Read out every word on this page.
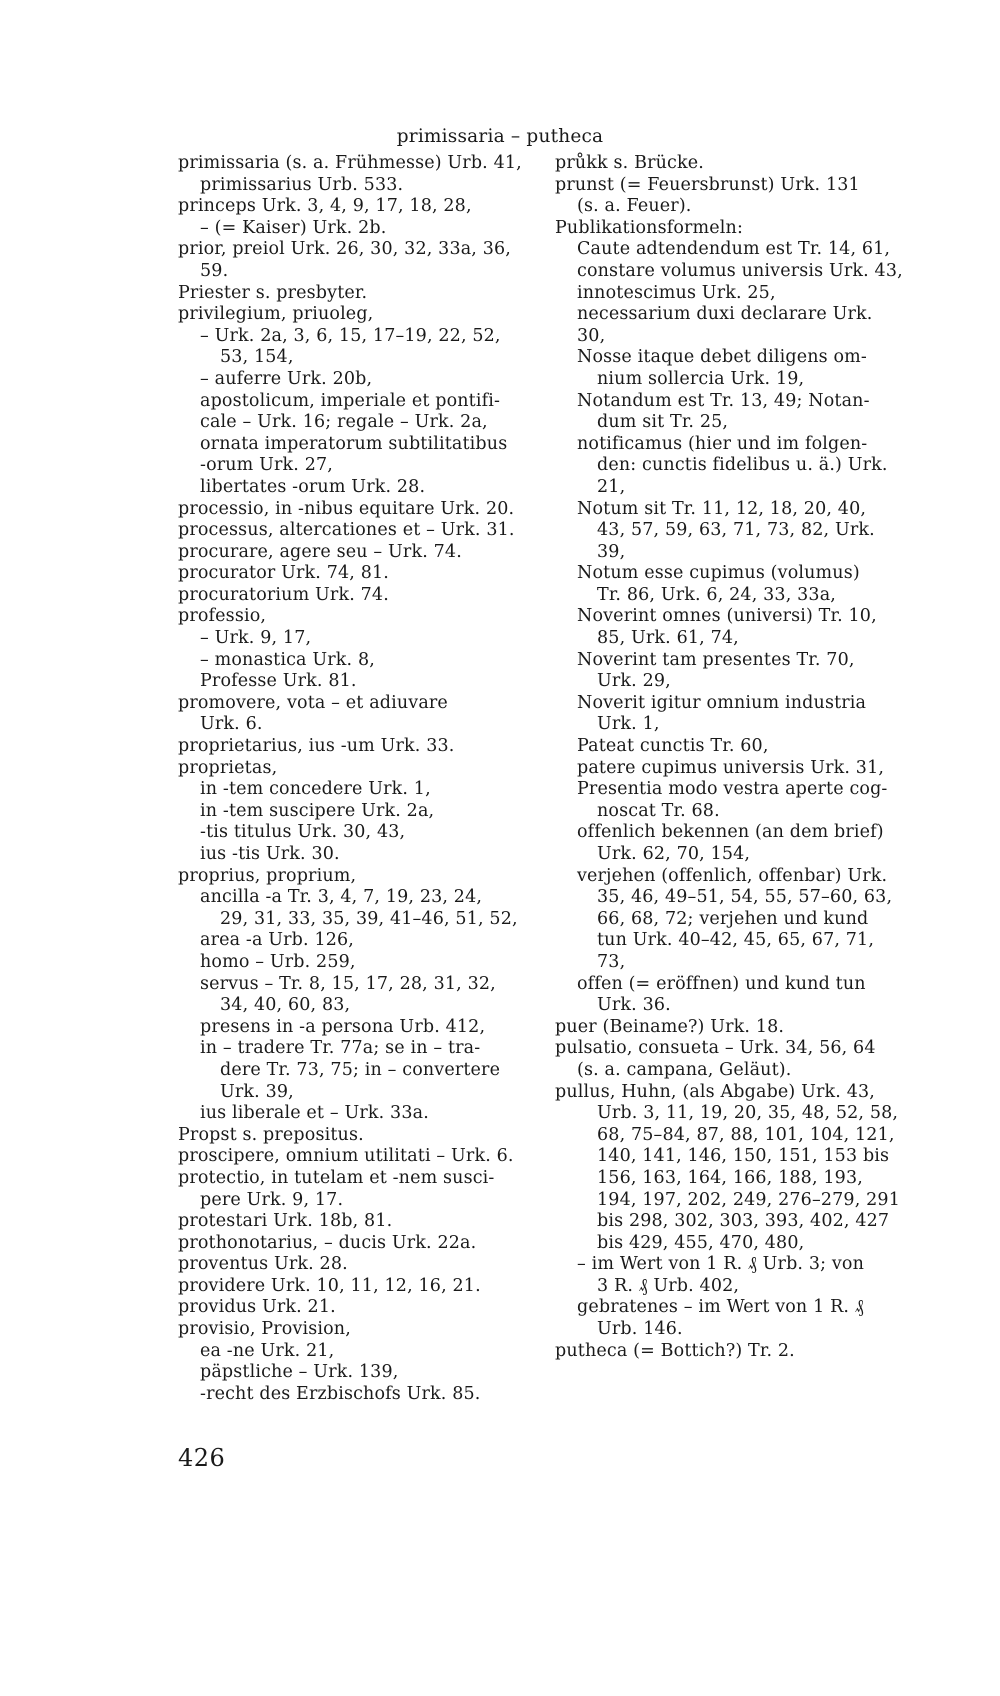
primissaria – putheca
primissaria (s. a. Frühmesse) Urb. 41,
primissarius Urb. 533.
princeps Urk. 3, 4, 9, 17, 18, 28,
– (= Kaiser) Urk. 2b.
prior, preiol Urk. 26, 30, 32, 33a, 36,
59.
Priester s. presbyter.
privilegium, priuoleg,
– Urk. 2a, 3, 6, 15, 17–19, 22, 52,
53, 154,
– auferre Urk. 20b,
apostolicum, imperiale et pontifi-
cale – Urk. 16; regale – Urk. 2a,
ornata imperatorum subtilitatibus
-orum Urk. 27,
libertates -orum Urk. 28.
processio, in -nibus equitare Urk. 20.
processus, altercationes et – Urk. 31.
procurare, agere seu – Urk. 74.
procurator Urk. 74, 81.
procuratorium Urk. 74.
professio,
– Urk. 9, 17,
– monastica Urk. 8,
Professe Urk. 81.
promovere, vota – et adiuvare
Urk. 6.
proprietarius, ius -um Urk. 33.
proprietas,
in -tem concedere Urk. 1,
in -tem suscipere Urk. 2a,
-tis titulus Urk. 30, 43,
ius -tis Urk. 30.
proprius, proprium,
ancilla -a Tr. 3, 4, 7, 19, 23, 24,
29, 31, 33, 35, 39, 41–46, 51, 52,
area -a Urb. 126,
homo – Urb. 259,
servus – Tr. 8, 15, 17, 28, 31, 32,
34, 40, 60, 83,
presens in -a persona Urb. 412,
in – tradere Tr. 77a; se in – tra-
dere Tr. 73, 75; in – convertere
Urk. 39,
ius liberale et – Urk. 33a.
Propst s. prepositus.
proscipere, omnium utilitati – Urk. 6.
protectio, in tutelam et -nem susci-
pere Urk. 9, 17.
protestari Urk. 18b, 81.
prothonotarius, – ducis Urk. 22a.
proventus Urk. 28.
providere Urk. 10, 11, 12, 16, 21.
providus Urk. 21.
provisio, Provision,
ea -ne Urk. 21,
päpstliche – Urk. 139,
-recht des Erzbischofs Urk. 85.
průkk s. Brücke.
prunst (= Feuersbrunst) Urk. 131
(s. a. Feuer).
Publikationsformeln:
Caute adtendendum est Tr. 14, 61,
constare volumus universis Urk. 43,
innotescimus Urk. 25,
necessarium duxi declarare Urk.
30,
Nosse itaque debet diligens om-
nium sollercia Urk. 19,
Notandum est Tr. 13, 49; Notan-
dum sit Tr. 25,
notificamus (hier und im folgen-
den: cunctis fidelibus u. ä.) Urk.
21,
Notum sit Tr. 11, 12, 18, 20, 40,
43, 57, 59, 63, 71, 73, 82, Urk.
39,
Notum esse cupimus (volumus)
Tr. 86, Urk. 6, 24, 33, 33a,
Noverint omnes (universi) Tr. 10,
85, Urk. 61, 74,
Noverint tam presentes Tr. 70,
Urk. 29,
Noverit igitur omnium industria
Urk. 1,
Pateat cunctis Tr. 60,
patere cupimus universis Urk. 31,
Presentia modo vestra aperte cog-
noscat Tr. 68.
offenlich bekennen (an dem brief)
Urk. 62, 70, 154,
verjehen (offenlich, offenbar) Urk.
35, 46, 49–51, 54, 55, 57–60, 63,
66, 68, 72; verjehen und kund
tun Urk. 40–42, 45, 65, 67, 71,
73,
offen (= eröffnen) und kund tun
Urk. 36.
puer (Beiname?) Urk. 18.
pulsatio, consueta – Urk. 34, 56, 64
(s. a. campana, Geläut).
pullus, Huhn, (als Abgabe) Urk. 43,
Urb. 3, 11, 19, 20, 35, 48, 52, 58,
68, 75–84, 87, 88, 101, 104, 121,
140, 141, 146, 150, 151, 153 bis
156, 163, 164, 166, 188, 193,
194, 197, 202, 249, 276–279, 291
bis 298, 302, 303, 393, 402, 427
bis 429, 455, 470, 480,
– im Wert von 1 R. ₰ Urb. 3; von
3 R. ₰ Urb. 402,
gebratenes – im Wert von 1 R. ₰
Urb. 146.
putheca (= Bottich?) Tr. 2.
426
